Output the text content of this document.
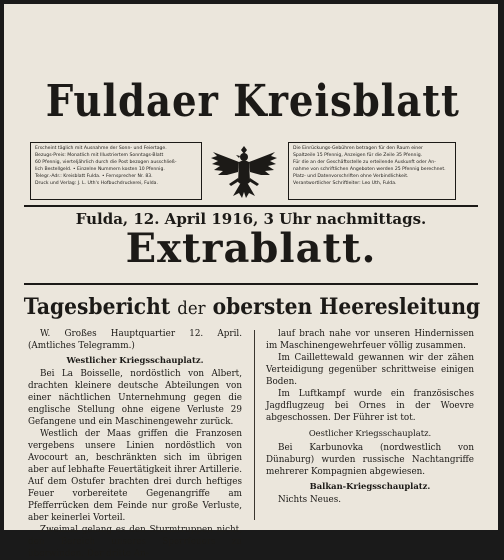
Fuldaer Kreisblatt
Erscheint täglich mit Ausnahme der Sonn- und Feiertage.
Bezugs-Preis: Monatlich mit Illustriertem Sonntags-Blatt
60 Pfennig, vierteljährlich durch die Post bezogen ausschließ-
lich Bestellgeld. • Einzelne Nummern kosten 10 Pfennig.
Telegr.-Adr.: Kreisblatt Fulda. • Fernsprecher Nr. 83.
Druck und Verlag: J. L. Uth's Hofbuchdruckerei, Fulda.
Die Einrückungs-Gebühren betragen für den Raum einer
Spaltzeile 15 Pfennig, Anzeigen für die Zeile 35 Pfennig.
Für die an der Geschäftsstelle zu erteilende Auskunft oder An-
nahme von schriftlichen Angeboten werden 25 Pfennig berechnet.
Platz- und Datenvorschriften ohne Verbindlichkeit.
Verantwortlicher Schriftleiter: Leo Uth, Fulda.
Fulda, 12. April 1916, 3 Uhr nachmittags.
Extrablatt.
Tagesbericht der obersten Heeresleitung

W. Großes Hauptquartier 12. April. (Amtliches Telegramm.)

Westlicher Kriegsschauplatz.

Bei La Boisselle, nordöstlich von Albert, drachten kleinere deutsche Abteilungen von einer nächtlichen Unternehmung gegen die englische Stellung ohne eigene Verluste 29 Gefangene und ein Maschinengewehr zurück.

Westlich der Maas griffen die Franzosen vergebens unsere Linien nordöstlich von Avocourt an, beschränkten sich im übrigen aber auf lebhafte Feuertätigkeit ihrer Artillerie. Auf dem Ostufer brachten drei durch heftiges Feuer vorbereitete Gegenangriffe am Pfefferrücken dem Feinde nur große Verluste, aber keinerlei Vorteil.

Zweimal gelang es den Sturmtruppen nicht, den Bereich unseres Sperrfeuers zu überwinden. Der dritte An-

lauf brach nahe vor unseren Hindernissen im Maschinengewehrfeuer völlig zusammen.

Im Caillettewald gewannen wir der zähen Verteidigung gegenüber schrittweise einigen Boden.

Im Luftkampf wurde ein französisches Jagdflugzeug bei Ornes in der Woevre abgeschossen. Der Führer ist tot.

Oestlicher Kriegsschauplatz.

Bei Karbunovka (nordwestlich von Dünaburg) wurden russische Nachtangriffe mehrerer Kompagnien abgewiesen.

Balkan-Kriegsschauplatz.

Nichts Neues.
